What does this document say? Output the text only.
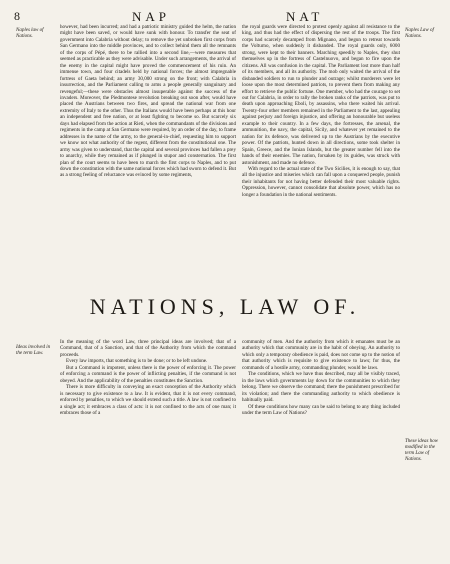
8	NAP	NAT
Naples law of Nations.
Naples Law of Nations.

however, had been incurred; and had a patriotic ministry guided the helm, the nation might have been saved, or would have sunk with honour. To transfer the seat of government into Calabria without delay; to remove the yet unbroken first corps from San Germano into the middle provinces, and to collect behind them all the remnants of the corps of Pépé, there to be rallied into a second line,—were measures that seemed as practicable as they were advisable. Under such arrangements, the arrival of the enemy in the capital might have proved the commencement of his ruin. An immense town, and four citadels held by national forces; the almost impregnable fortress of Gaeta behind; an army 30,000 strong on the front; with Calabria in insurrection, and the Parliament calling to arms a people generally sanguinary and revengeful;—these were obstacles almost insuperable against the success of the invaders. Moreover, the Piedmontese revolution breaking out soon after, would have placed the Austrians between two fires, and spread the national war from one extremity of Italy to the other. Thus the Italians would have been perhaps at this hour an independent and free nation, or at least fighting to become so. But scarcely six days had elapsed from the action at Rieti, when the commandants of the divisions and regiments in the camp at San Germano were required, by an order of the day, to frame addresses in the name of the army, to the general-in-chief, requesting him to support we know not what authority of the regent, different from the constitutional one. The army was given to understand, that the capital and several provinces had fallen a prey to anarchy, while they remained as if plunged in stupor and consternation. The first plan of the court seems to have been to march the first corps to Naples, and to put down the constitution with the same national forces which had sworn to defend it. But as a strong feeling of reluctance was evinced by some regiments,

the royal guards were directed to protest openly against all resistance to the king, and thus had the effect of dispersing the rest of the troops. The first corps had scarcely decamped from Mignano, and begun to retreat towards the Volturno, when suddenly it disbanded. The royal guards only, 6000 strong, were kept to their banners. Marching speedily to Naples, they shut themselves up in the fortress of Castelnuovo, and began to fire upon the citizens. All was confusion in the capital. The Parliament lost more than half of its members, and all its authority. The mob only waited the arrival of the disbanded soldiers to run to plunder and outrage; whilst murderers were let loose upon the most determined patriots, to prevent them from making any effort to retrieve the public fortune. One member, who had the courage to set out for Calabria, in order to rally the broken ranks of the patriots, was put to death upon approaching Eboli, by assassins, who there waited his arrival. Twenty-four other members remained in the Parliament to the last, appealing against perjury and foreign injustice, and offering an honourable but useless example to their country. In a few days, the fortresses, the arsenal, the ammunition, the navy, the capital, Sicily, and whatever yet remained to the nation for its defence, was delivered up to the Austrians by the executive power. Of the patriots, hunted down in all directions, some took shelter in Spain, Greece, and the Ionian Islands, but the greater number fell into the hands of their enemies. The nation, forsaken by its guides, was struck with astonishment, and made no defence.

With regard to the actual state of the Two Sicilies, it is enough to say, that all the injustice and miseries which can fall upon a conquered people, punish their inhabitants for not having better defended their most valuable rights. Oppression, however, cannot consolidate that absolute power, which has no longer a foundation in the national sentiments.

NATIONS, LAW OF.
Ideas involved in the term Law.
These ideas how modified in the term Law of Nations.

In the meaning of the word Law, three principal ideas are involved; that of a Command, that of a Sanction, and that of the Authority from which the command proceeds.

Every law imports, that something is to be done; or to be left undone.

But a Command is impotent, unless there is the power of enforcing it. The power of enforcing a command is the power of inflicting penalties, if the command is not obeyed. And the applicability of the penalties constitutes the Sanction.

There is more difficulty in conveying an exact conception of the Authority which is necessary to give existence to a law. It is evident, that it is not every command, enforced by penalties, to which we should extend such a title. A law is not confined to a single act; it embraces a class of acts: it is not confined to the acts of one man; it embraces those of a

community of men. And the authority from which it emanates must be an authority which that community are in the habit of obeying. An authority to which only a temporary obedience is paid, does not come up to the notion of that authority which is requisite to give existence to laws; for thus, the commands of a hostile army, commanding plunder, would be laws.

The conditions, which we have thus described, may all be visibly traced, in the laws which governments lay down for the communities to which they belong. There we observe the command; there the punishment prescribed for its violation; and there the commanding authority to which obedience is habitually paid.

Of these conditions how many can be said to belong to any thing included under the term Law of Nations?
